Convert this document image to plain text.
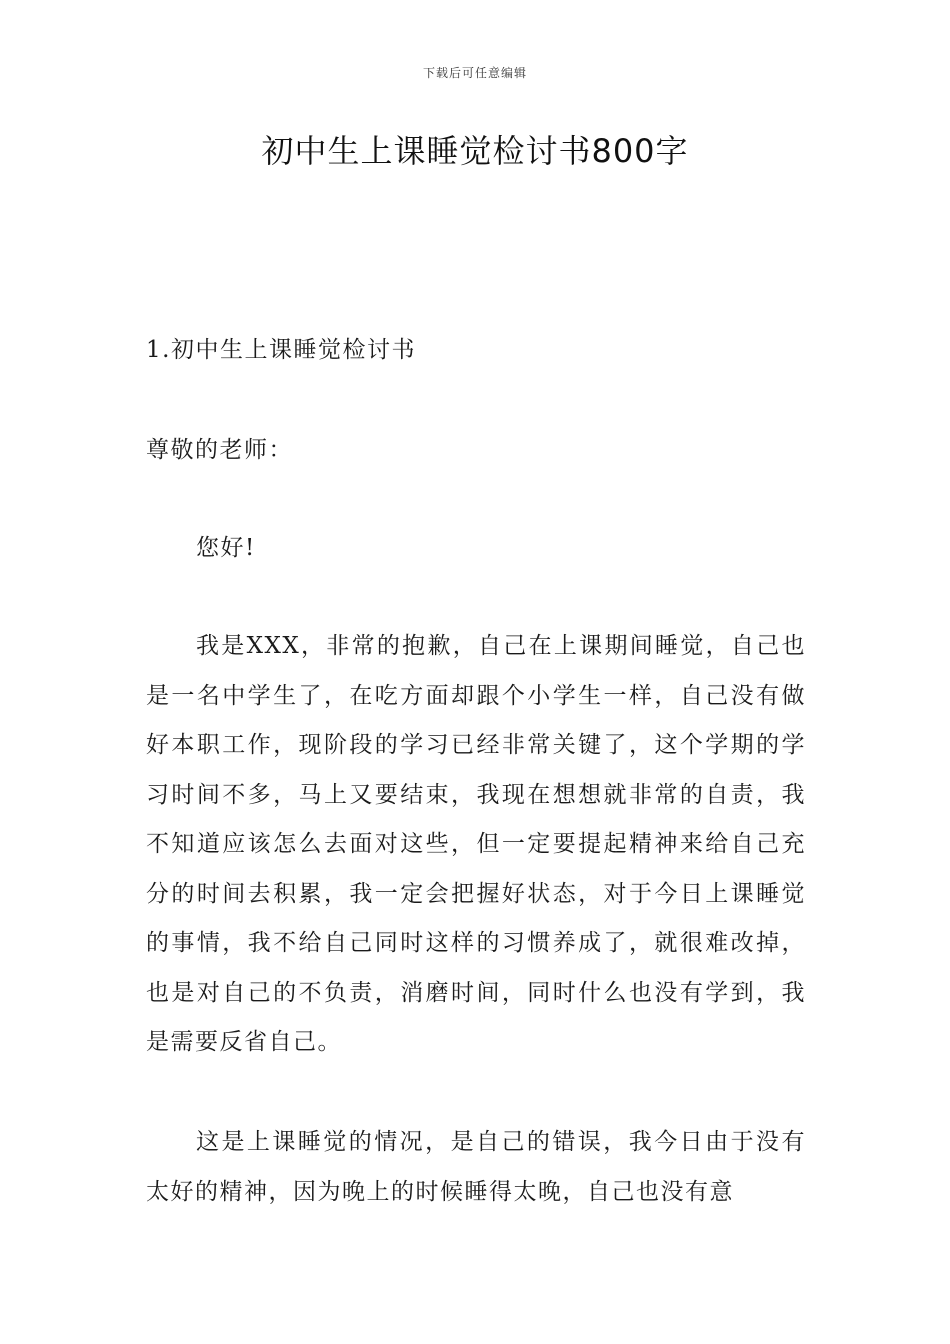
下载后可任意编辑
初中生上课睡觉检讨书800字

1.初中生上课睡觉检讨书

尊敬的老师：

您好!

我是XXX，非常的抱歉，自己在上课期间睡觉，自己也是一名中学生了，在吃方面却跟个小学生一样，自己没有做好本职工作，现阶段的学习已经非常关键了，这个学期的学习时间不多，马上又要结束，我现在想想就非常的自责，我不知道应该怎么去面对这些，但一定要提起精神来给自己充分的时间去积累，我一定会把握好状态，对于今日上课睡觉的事情，我不给自己同时这样的习惯养成了，就很难改掉，也是对自己的不负责，消磨时间，同时什么也没有学到，我是需要反省自己。

这是上课睡觉的情况，是自己的错误，我今日由于没有太好的精神，因为晚上的时候睡得太晚，自己也没有意
